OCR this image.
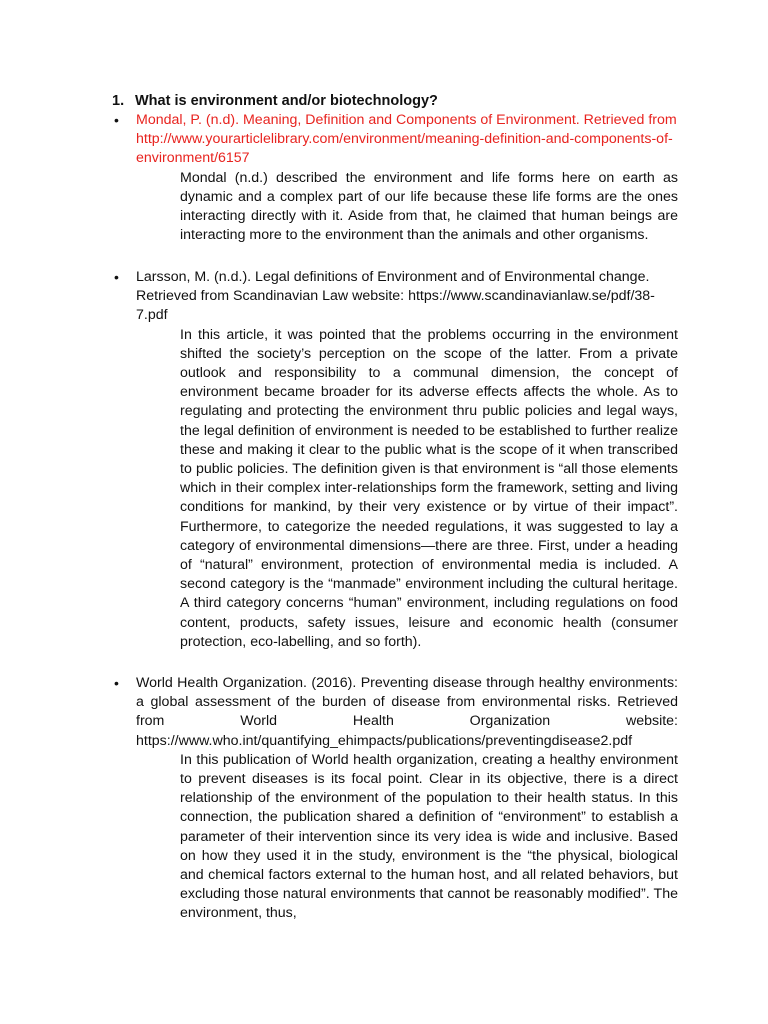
1. What is environment and/or biotechnology?
• Mondal, P. (n.d). Meaning, Definition and Components of Environment. Retrieved from http://www.yourarticlelibrary.com/environment/meaning-definition-and-components-of-environment/6157
Mondal (n.d.) described the environment and life forms here on earth as dynamic and a complex part of our life because these life forms are the ones interacting directly with it. Aside from that, he claimed that human beings are interacting more to the environment than the animals and other organisms.
• Larsson, M. (n.d.). Legal definitions of Environment and of Environmental change. Retrieved from Scandinavian Law website: https://www.scandinavianlaw.se/pdf/38-7.pdf
In this article, it was pointed that the problems occurring in the environment shifted the society’s perception on the scope of the latter. From a private outlook and responsibility to a communal dimension, the concept of environment became broader for its adverse effects affects the whole. As to regulating and protecting the environment thru public policies and legal ways, the legal definition of environment is needed to be established to further realize these and making it clear to the public what is the scope of it when transcribed to public policies. The definition given is that environment is “all those elements which in their complex inter-relationships form the framework, setting and living conditions for mankind, by their very existence or by virtue of their impact”. Furthermore, to categorize the needed regulations, it was suggested to lay a category of environmental dimensions—there are three. First, under a heading of “natural” environment, protection of environmental media is included. A second category is the “manmade” environment including the cultural heritage. A third category concerns “human” environment, including regulations on food content, products, safety issues, leisure and economic health (consumer protection, eco-labelling, and so forth).
• World Health Organization. (2016). Preventing disease through healthy environments: a global assessment of the burden of disease from environmental risks. Retrieved from World Health Organization website: https://www.who.int/quantifying_ehimpacts/publications/preventingdisease2.pdf
In this publication of World health organization, creating a healthy environment to prevent diseases is its focal point. Clear in its objective, there is a direct relationship of the environment of the population to their health status. In this connection, the publication shared a definition of “environment” to establish a parameter of their intervention since its very idea is wide and inclusive. Based on how they used it in the study, environment is the “the physical, biological and chemical factors external to the human host, and all related behaviors, but excluding those natural environments that cannot be reasonably modified”. The environment, thus,
